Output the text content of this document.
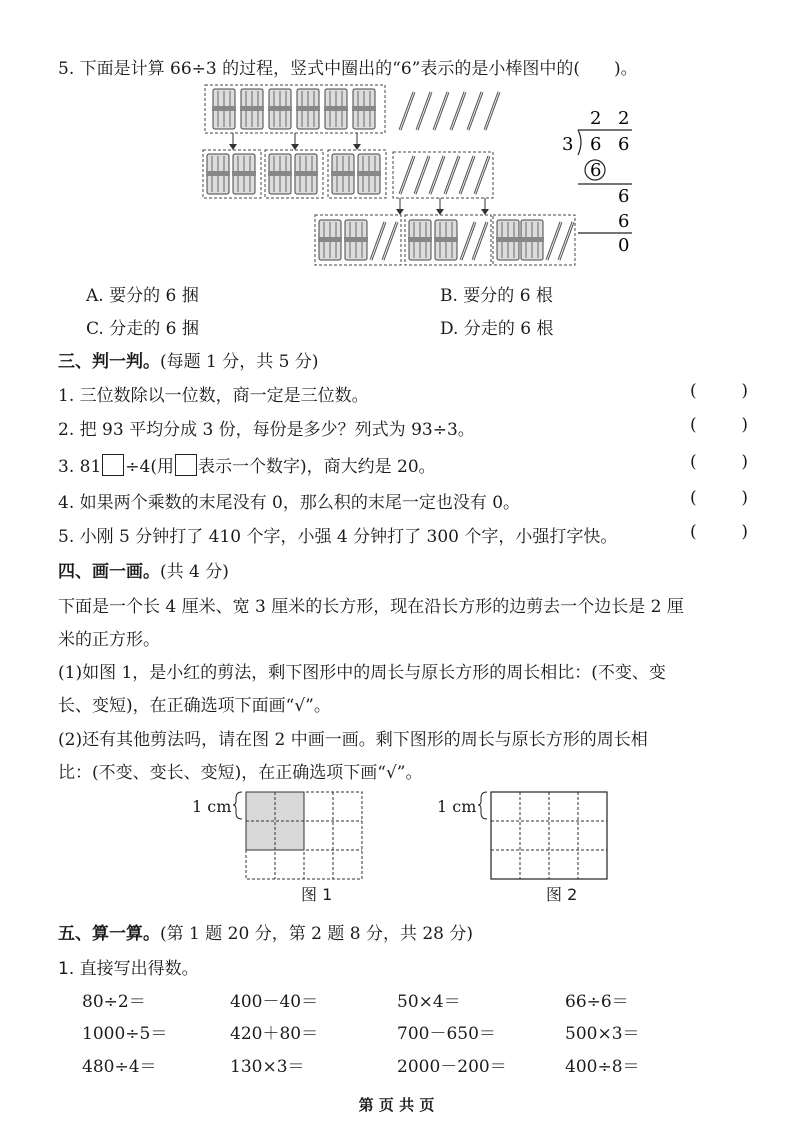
5. 下面是计算 66÷3 的过程，竖式中圈出的“6”表示的是小棒图中的(　　)。
2 2
3 6 6
6
6
6
0
A. 要分的 6 捆	B. 要分的 6 根
C. 分走的 6 捆	D. 分走的 6 根
三、判一判。(每题 1 分，共 5 分)
1. 三位数除以一位数，商一定是三位数。	(	)
2. 把 93 平均分成 3 份，每份是多少？列式为 93÷3。	(	)
3. 81 ÷4(用 表示一个数字)，商大约是 20。	(	)
4. 如果两个乘数的末尾没有 0，那么积的末尾一定也没有 0。	(	)
5. 小刚 5 分钟打了 410 个字，小强 4 分钟打了 300 个字，小强打字快。	(	)
四、画一画。(共 4 分)
下面是一个长 4 厘米、宽 3 厘米的长方形，现在沿长方形的边剪去一个边长是 2 厘
米的正方形。
(1)如图 1，是小红的剪法，剩下图形中的周长与原长方形的周长相比：(不变、变
长、变短)，在正确选项下面画“√”。
(2)还有其他剪法吗，请在图 2 中画一画。剩下图形的周长与原长方形的周长相
比：(不变、变长、变短)，在正确选项下画“√”。
1 cm
图 1
1 cm
图 2
五、算一算。(第 1 题 20 分，第 2 题 8 分，共 28 分)
1. 直接写出得数。
80÷2＝	400－40＝	50×4＝	66÷6＝
1000÷5＝	420＋80＝	700－650＝	500×3＝
480÷4＝	130×3＝	2000－200＝	400÷8＝
第 页 共 页
